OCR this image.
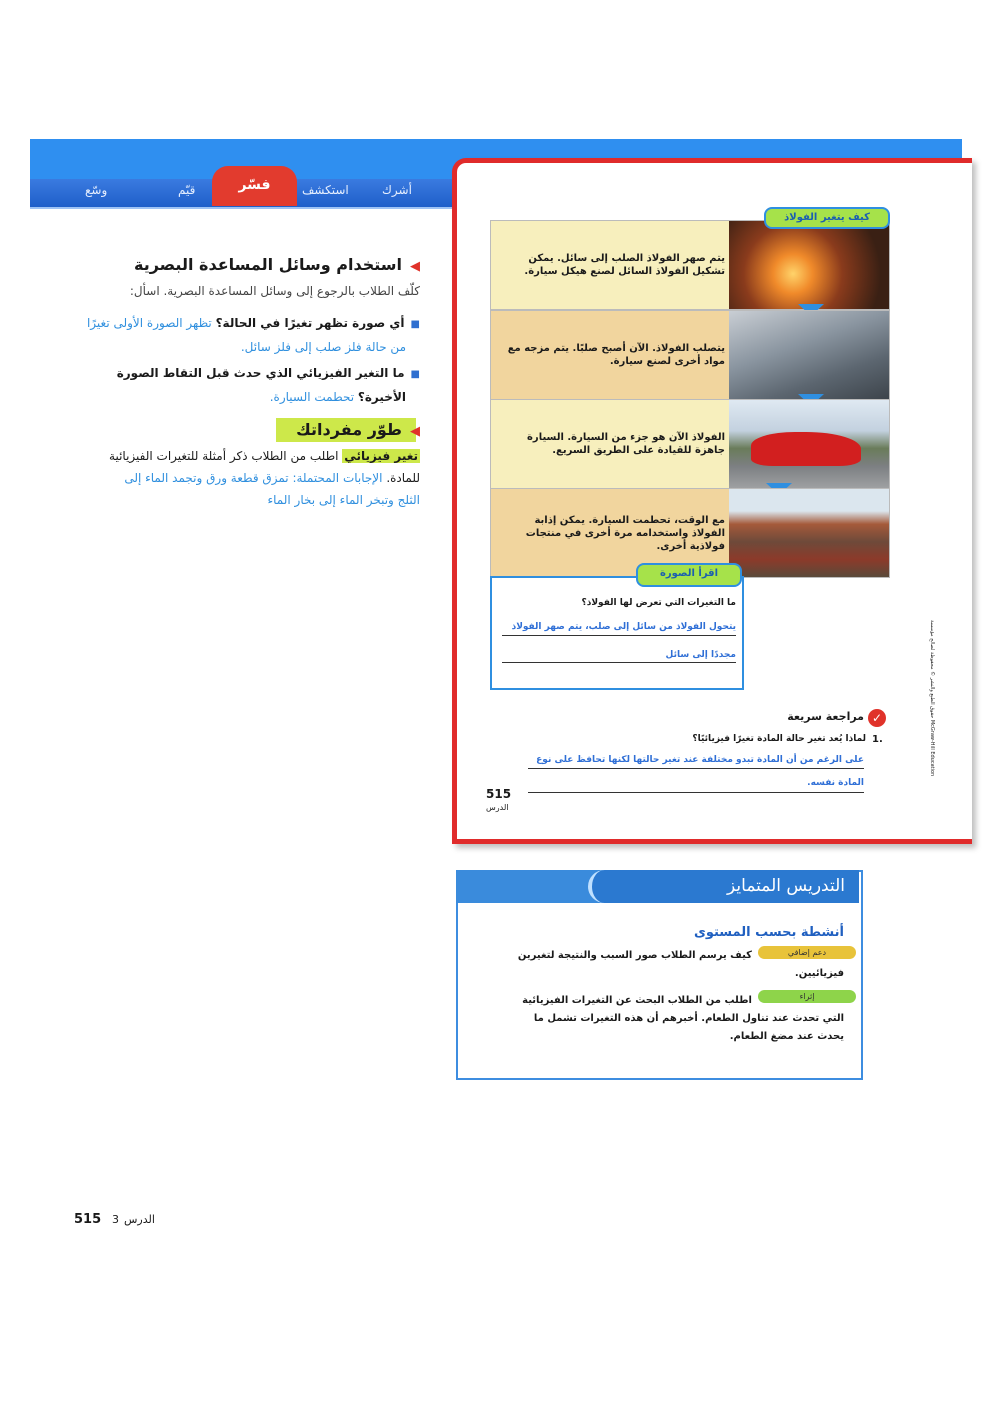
أشرك
استكشف
قيّم
وسّع	فسّر
◀استخدام وسائل المساعدة البصرية
كلّف الطلاب بالرجوع إلى وسائل المساعدة البصرية. اسأل:
■أي صورة تظهر تغيرًا في الحالة؟ تظهر الصورة الأولى تغيرًا
من حالة فلز صلب إلى فلز سائل.
■ما التغير الفيزيائي الذي حدث قبل التقاط الصورة
الأخيرة؟ تحطمت السيارة.
◀طوّر مفرداتك
تغير فيزيائي اطلب من الطلاب ذكر أمثلة للتغيرات الفيزيائية
للمادة. الإجابات المحتملة: تمزق قطعة ورق وتجمد الماء إلى
الثلج وتبخر الماء إلى بخار الماء
يتم صهر الفولاذ الصلب إلى سائل. يمكن تشكيل الفولاذ السائل لصنع هيكل سيارة.
يتصلب الفولاذ. الآن أصبح صلبًا. يتم مزجه مع مواد أخرى لصنع سيارة.
الفولاذ الآن هو جزء من السيارة. السيارة جاهزة للقيادة على الطريق السريع.
مع الوقت، تحطمت السيارة. يمكن إذابة الفولاذ واستخدامه مرة أخرى في منتجات فولاذية أخرى.
كيف يتغير الفولاذ
اقرأ الصورة
ما التغيرات التي تعرض لها الفولاذ؟
يتحول الفولاذ من سائل إلى صلب، يتم صهر الفولاذ
مجددًا إلى سائل
✓
مراجعة سريعة
1.
لماذا يُعد تغير حالة المادة تغيرًا فيزيائيًا؟
على الرغم من أن المادة تبدو مختلفة عند تغير حالتها لكنها تحافظ على نوع
المادة نفسه.
515
الدرس
حقوق الطبع والنشر © محفوظة لصالح مؤسسة McGraw-Hill Education
التدريس المتمايز
أنشطة بحسب المستوى
دعم إضافي
كيف يرسم الطلاب صور السبب والنتيجة لتغيرين
فيزيائيين.
إثراء
اطلب من الطلاب البحث عن التغيرات الفيزيائية
التي تحدث عند تناول الطعام. أخبرهم أن هذه التغيرات تشمل ما
يحدث عند مضغ الطعام.
515 3 الدرس
